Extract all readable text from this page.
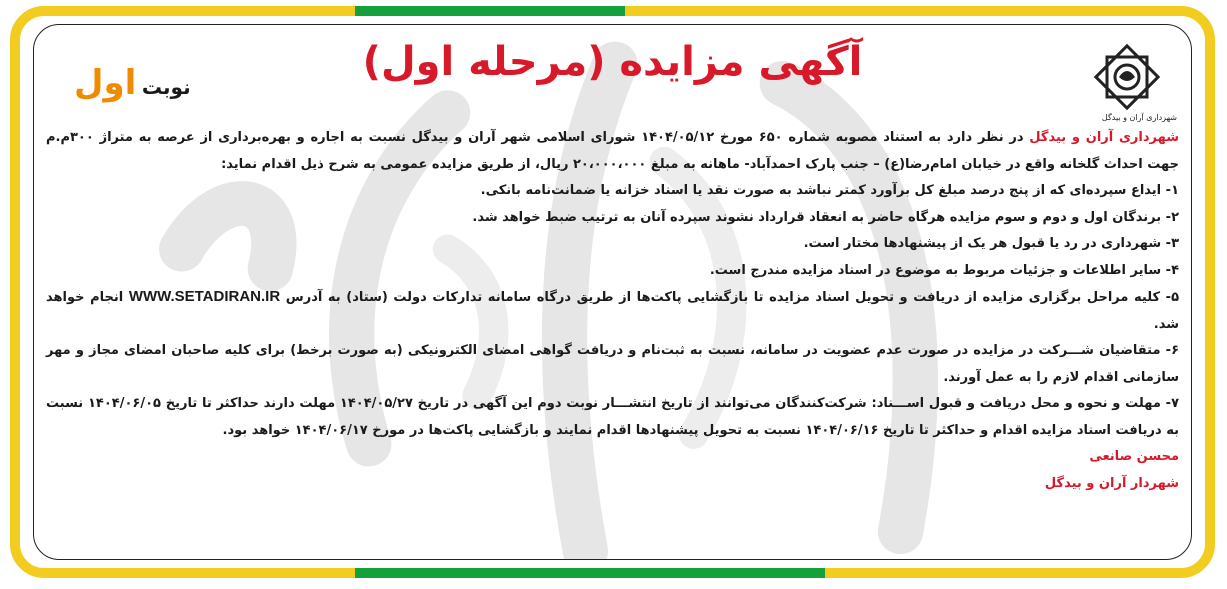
شهرداری آران و بیدگل
آگهی مزایده (مرحله اول)
نوبت اول

شهرداری آران و بیدگل در نظر دارد به استناد مصوبه شماره ۶۵۰ مورخ ۱۴۰۴/۰۵/۱۲ شورای اسلامی شهر آران و بیدگل نسبت به اجاره و بهره‌برداری از عرصه به متراژ ۳۰۰م.م جهت احداث گلخانه واقع در خیابان امام‌رضا(ع) – جنب پارک احمدآباد- ماهانه به مبلغ ۲۰،۰۰۰،۰۰۰ ریال، از طریق مزایده عمومی به شرح ذیل اقدام نماید:

۱- ایداع سپرده‌ای که از پنج درصد مبلغ کل برآورد کمتر نباشد به صورت نقد یا اسناد خزانه یا ضمانت‌نامه بانکی.

۲- برندگان اول و دوم و سوم مزایده هرگاه حاضر به انعقاد قرارداد نشوند سپرده آنان به ترتیب ضبط خواهد شد.

۳- شهرداری در رد یا قبول هر یک از پیشنهادها مختار است.

۴- سایر اطلاعات و جزئیات مربوط به موضوع در اسناد مزایده مندرج است.

۵- کلیه مراحل برگزاری مزایده از دریافت و تحویل اسناد مزایده تا بازگشایی پاکت‌ها از طریق درگاه سامانه تدارکات دولت (ستاد) به آدرس WWW.SETADIRAN.IR انجام خواهد شد.

۶- متقاضیان شـــرکت در مزایده در صورت عدم عضویت در سامانه، نسبت به ثبت‌نام و دریافت گواهی امضای الکترونیکی (به صورت برخط) برای کلیه صاحبان امضای مجاز و مهر سازمانی اقدام لازم را به عمل آورند.

۷- مهلت و نحوه و محل دریافت و قبول اســـناد: شرکت‌کنندگان می‌توانند از تاریخ انتشـــار نوبت دوم این آگهی در تاریخ ۱۴۰۴/۰۵/۲۷ مهلت دارند حداکثر تا تاریخ ۱۴۰۴/۰۶/۰۵ نسبت به دریافت اسناد مزایده اقدام و حداکثر تا تاریخ ۱۴۰۴/۰۶/۱۶ نسبت به تحویل پیشنهادها اقدام نمایند و بازگشایی پاکت‌ها در مورخ ۱۴۰۴/۰۶/۱۷ خواهد بود.

محسن صانعی

شهردار آران و بیدگل
